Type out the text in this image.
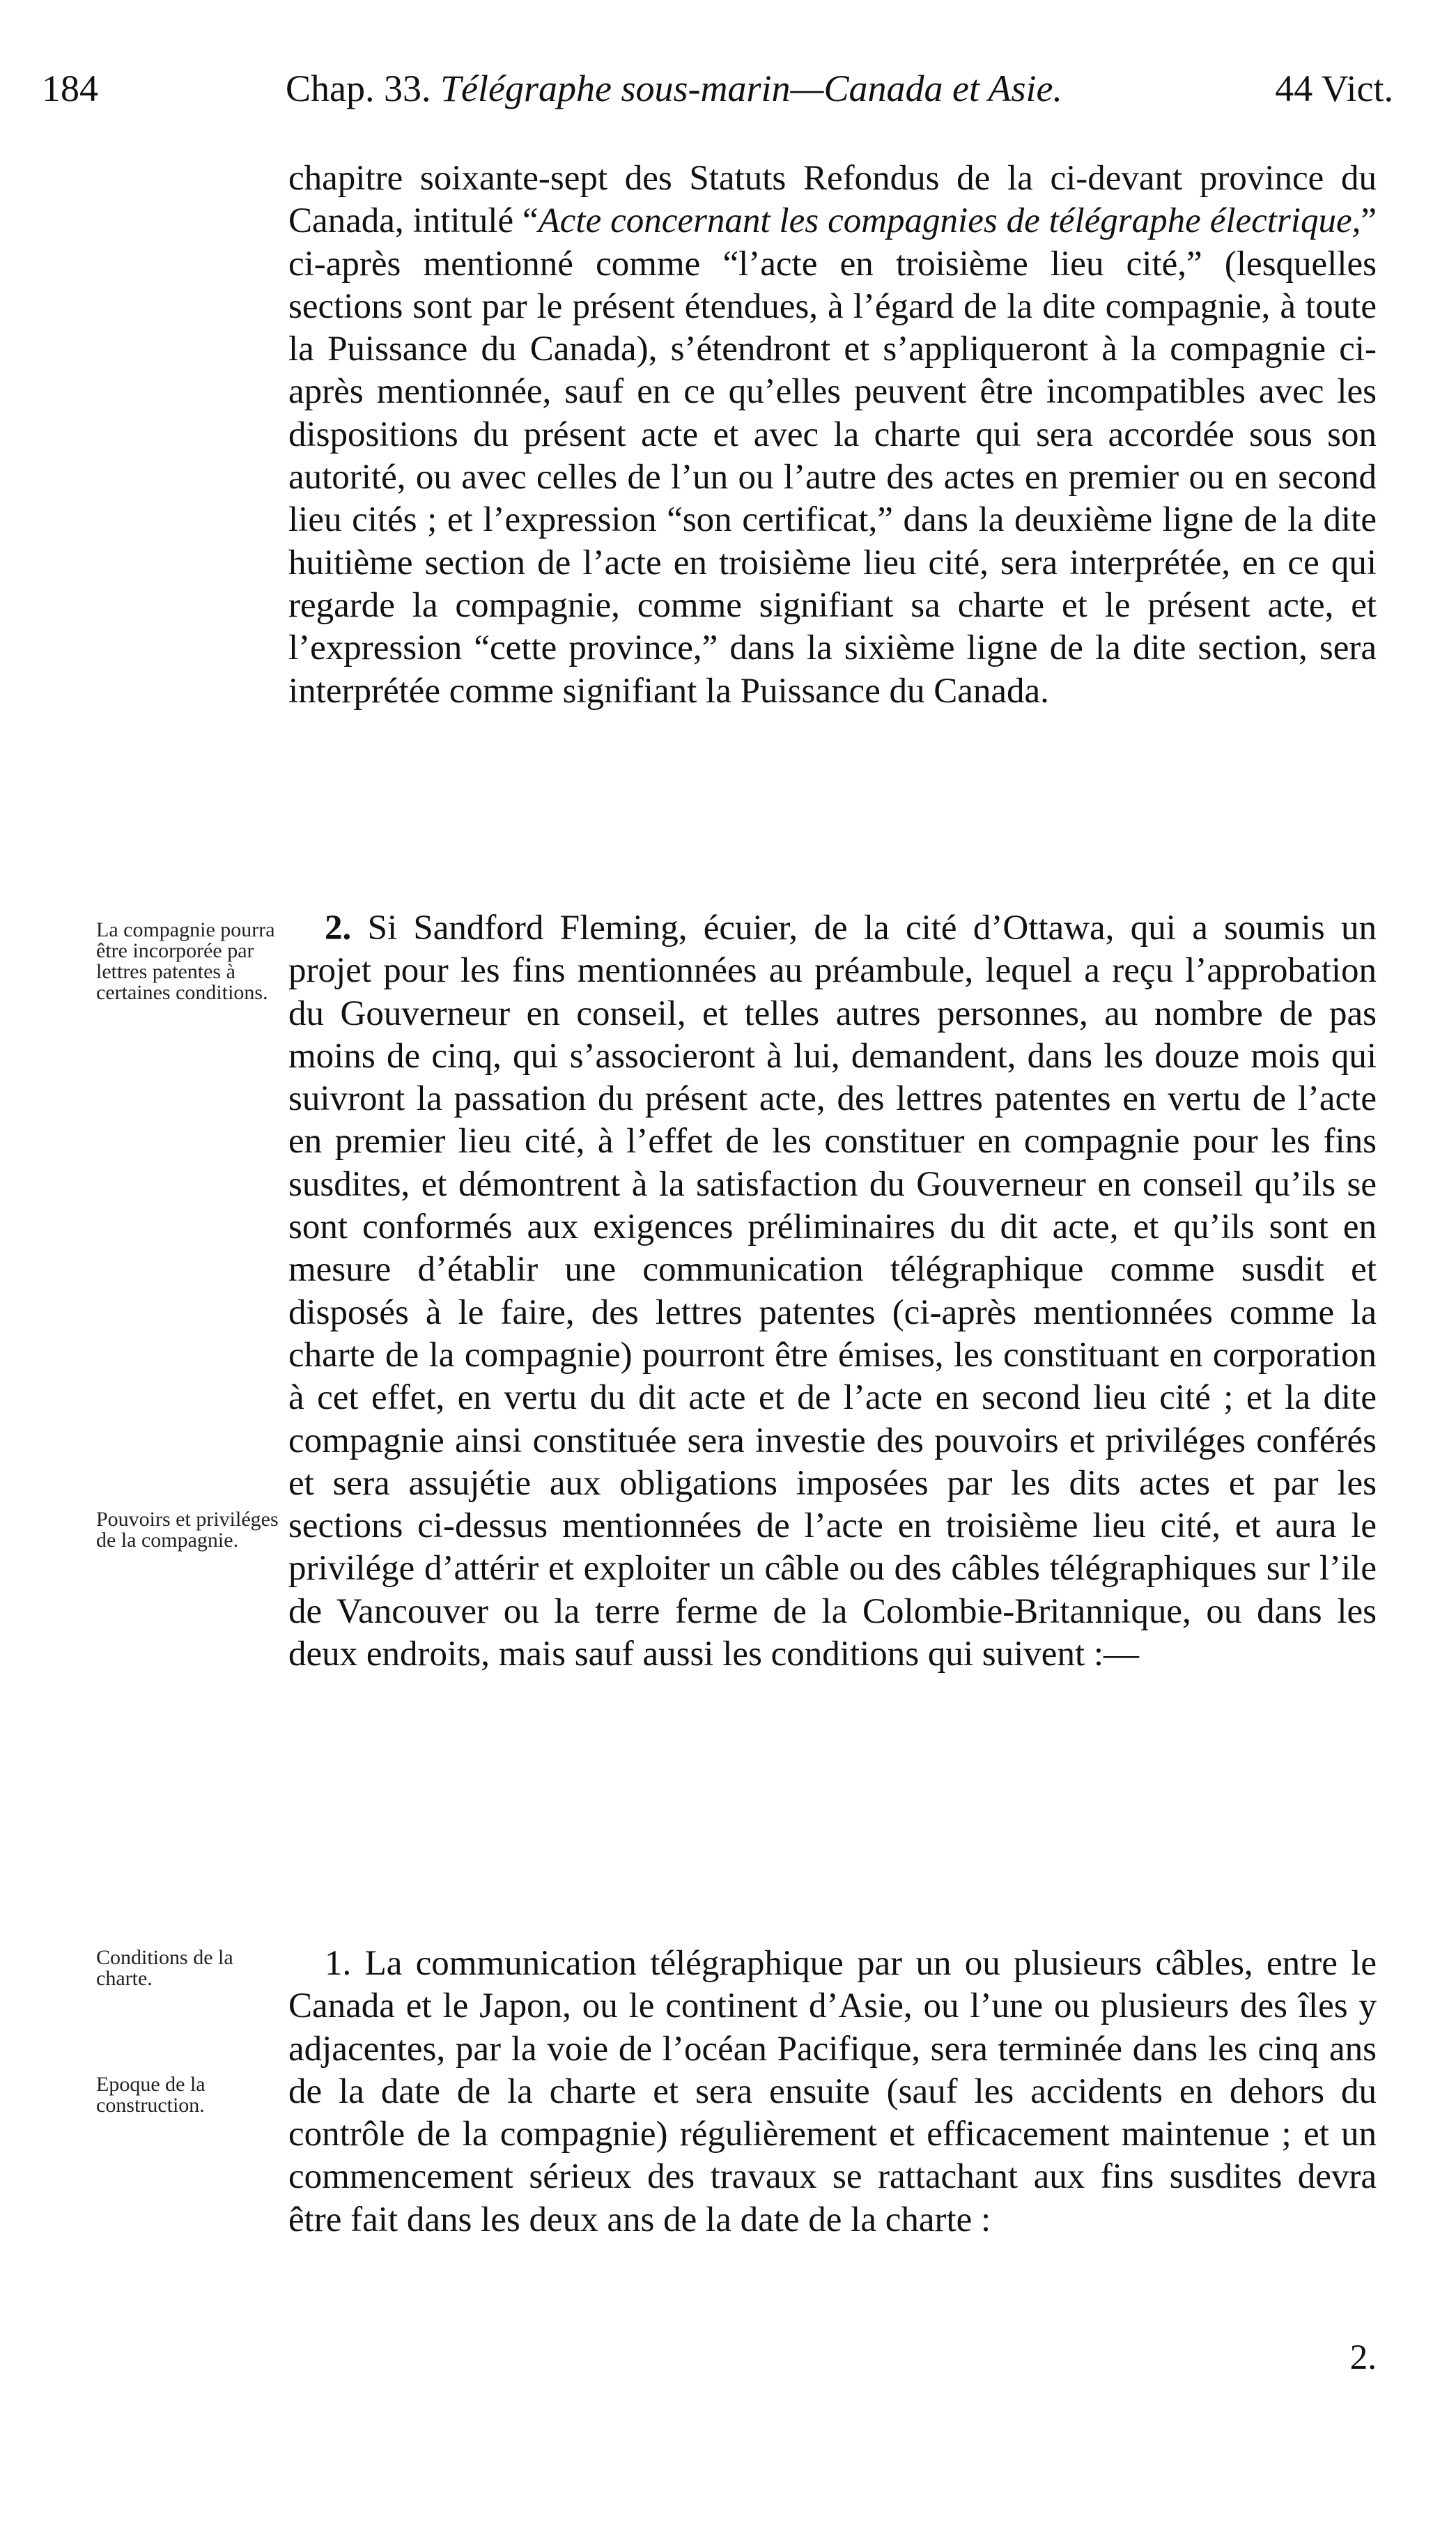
184	Chap. 33. Télégraphe sous-marin—Canada et Asie.	44 Vict.
chapitre soixante-sept des Statuts Refondus de la ci-devant province du Canada, intitulé “Acte concernant les compagnies de télégraphe électrique,” ci-après mentionné comme “l’acte en troisième lieu cité,” (lesquelles sections sont par le présent étendues, à l’égard de la dite compagnie, à toute la Puissance du Canada), s’étendront et s’appliqueront à la compagnie ci-après mentionnée, sauf en ce qu’elles peuvent être incompatibles avec les dispositions du présent acte et avec la charte qui sera accordée sous son autorité, ou avec celles de l’un ou l’autre des actes en premier ou en second lieu cités ; et l’expression “son certificat,” dans la deuxième ligne de la dite huitième section de l’acte en troisième lieu cité, sera interprétée, en ce qui regarde la compagnie, comme signifiant sa charte et le présent acte, et l’expression “cette province,” dans la sixième ligne de la dite section, sera interprétée comme signifiant la Puissance du Canada.
La compagnie pourra être incorporée par lettres patentes à certaines conditions.
2. Si Sandford Fleming, écuier, de la cité d’Ottawa, qui a soumis un projet pour les fins mentionnées au préambule, lequel a reçu l’approbation du Gouverneur en conseil, et telles autres personnes, au nombre de pas moins de cinq, qui s’associeront à lui, demandent, dans les douze mois qui suivront la passation du présent acte, des lettres patentes en vertu de l’acte en premier lieu cité, à l’effet de les constituer en compagnie pour les fins susdites, et démontrent à la satisfaction du Gouverneur en conseil qu’ils se sont conformés aux exigences préliminaires du dit acte, et qu’ils sont en mesure d’établir une communication télégraphique comme susdit et disposés à le faire, des lettres patentes (ci-après mentionnées comme la charte de la compagnie) pourront être émises, les constituant en corporation à cet effet, en vertu du dit acte et de l’acte en second lieu cité ; et la dite compagnie ainsi constituée sera investie des pouvoirs et priviléges conférés et sera assujétie aux obligations imposées par les dits actes et par les sections ci-dessus mentionnées de l’acte en troisième lieu cité, et aura le privilége d’attérir et exploiter un câble ou des câbles télégraphiques sur l’ile de Vancouver ou la terre ferme de la Colombie-Britannique, ou dans les deux endroits, mais sauf aussi les conditions qui suivent :—
Pouvoirs et priviléges de la compagnie.
Conditions de la charte.
Epoque de la construction.
1. La communication télégraphique par un ou plusieurs câbles, entre le Canada et le Japon, ou le continent d’Asie, ou l’une ou plusieurs des îles y adjacentes, par la voie de l’océan Pacifique, sera terminée dans les cinq ans de la date de la charte et sera ensuite (sauf les accidents en dehors du contrôle de la compagnie) régulièrement et efficacement maintenue ; et un commencement sérieux des travaux se rattachant aux fins susdites devra être fait dans les deux ans de la date de la charte :
2.
